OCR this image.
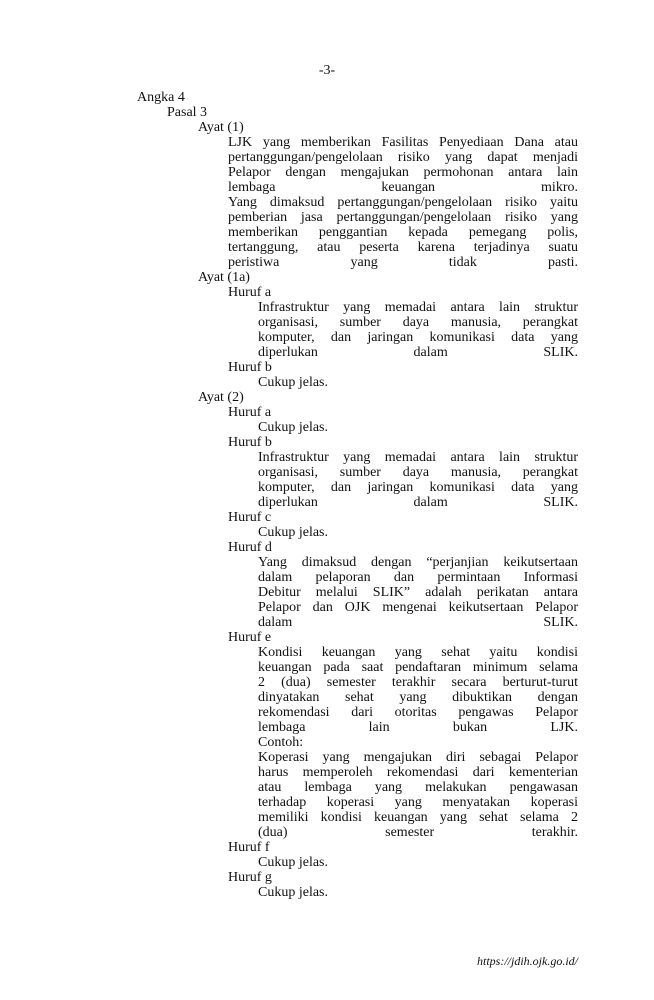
-3-
Angka 4
Pasal 3
Ayat (1)
LJK yang memberikan Fasilitas Penyediaan Dana atau
pertanggungan/pengelolaan risiko yang dapat menjadi
Pelapor dengan mengajukan permohonan antara lain
lembaga keuangan mikro.
Yang dimaksud pertanggungan/pengelolaan risiko yaitu
pemberian jasa pertanggungan/pengelolaan risiko yang
memberikan penggantian kepada pemegang polis,
tertanggung, atau peserta karena terjadinya suatu
peristiwa yang tidak pasti.
Ayat (1a)
Huruf a
Infrastruktur yang memadai antara lain struktur
organisasi, sumber daya manusia, perangkat
komputer, dan jaringan komunikasi data yang
diperlukan dalam SLIK.
Huruf b
Cukup jelas.
Ayat (2)
Huruf a
Cukup jelas.
Huruf b
Infrastruktur yang memadai antara lain struktur
organisasi, sumber daya manusia, perangkat
komputer, dan jaringan komunikasi data yang
diperlukan dalam SLIK.
Huruf c
Cukup jelas.
Huruf d
Yang dimaksud dengan “perjanjian keikutsertaan
dalam pelaporan dan permintaan Informasi
Debitur melalui SLIK” adalah perikatan antara
Pelapor dan OJK mengenai keikutsertaan Pelapor
dalam SLIK.
Huruf e
Kondisi keuangan yang sehat yaitu kondisi
keuangan pada saat pendaftaran minimum selama
2 (dua) semester terakhir secara berturut-turut
dinyatakan sehat yang dibuktikan dengan
rekomendasi dari otoritas pengawas Pelapor
lembaga lain bukan LJK.
Contoh:
Koperasi yang mengajukan diri sebagai Pelapor
harus memperoleh rekomendasi dari kementerian
atau lembaga yang melakukan pengawasan
terhadap koperasi yang menyatakan koperasi
memiliki kondisi keuangan yang sehat selama 2
(dua) semester terakhir.
Huruf f
Cukup jelas.
Huruf g
Cukup jelas.
https://jdih.ojk.go.id/
